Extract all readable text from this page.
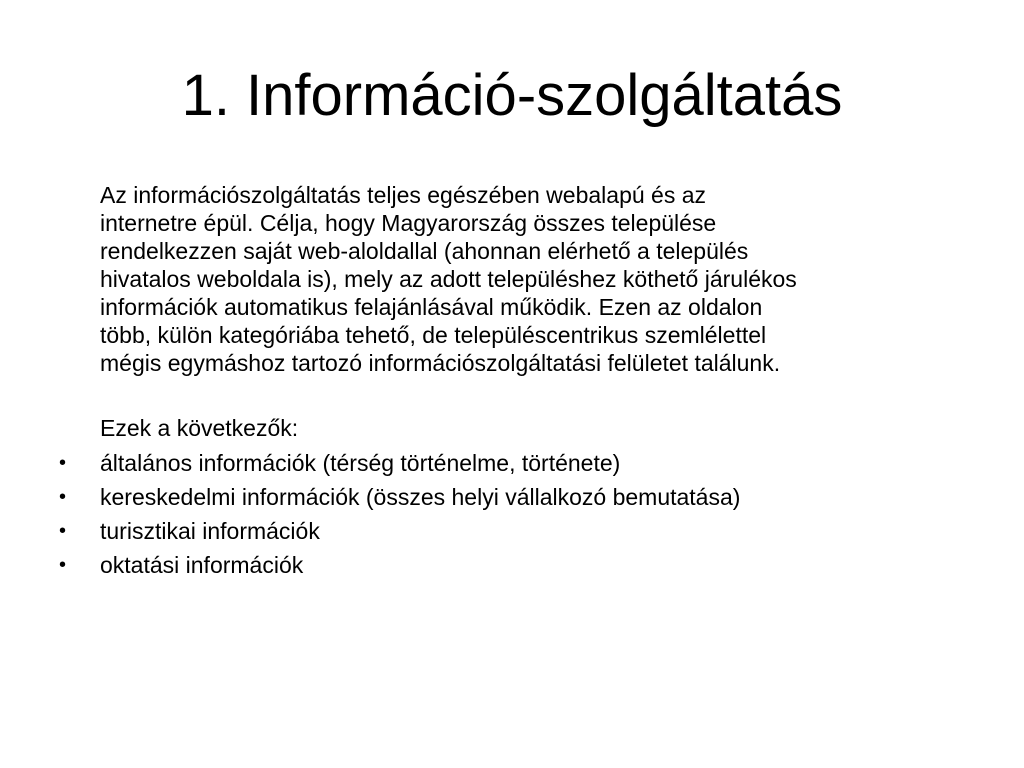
1. Információ-szolgáltatás

Az információszolgáltatás teljes egészében webalapú és az
internetre épül. Célja, hogy Magyarország összes települése
rendelkezzen saját web-aloldallal (ahonnan elérhető a település
hivatalos weboldala is), mely az adott településhez köthető járulékos
információk automatikus felajánlásával működik. Ezen az oldalon
több, külön kategóriába tehető, de településcentrikus szemlélettel
mégis egymáshoz tartozó információszolgáltatási felületet találunk.

Ezek a következők:

• általános információk (térség történelme, története)
• kereskedelmi információk (összes helyi vállalkozó bemutatása)
• turisztikai információk
• oktatási információk
